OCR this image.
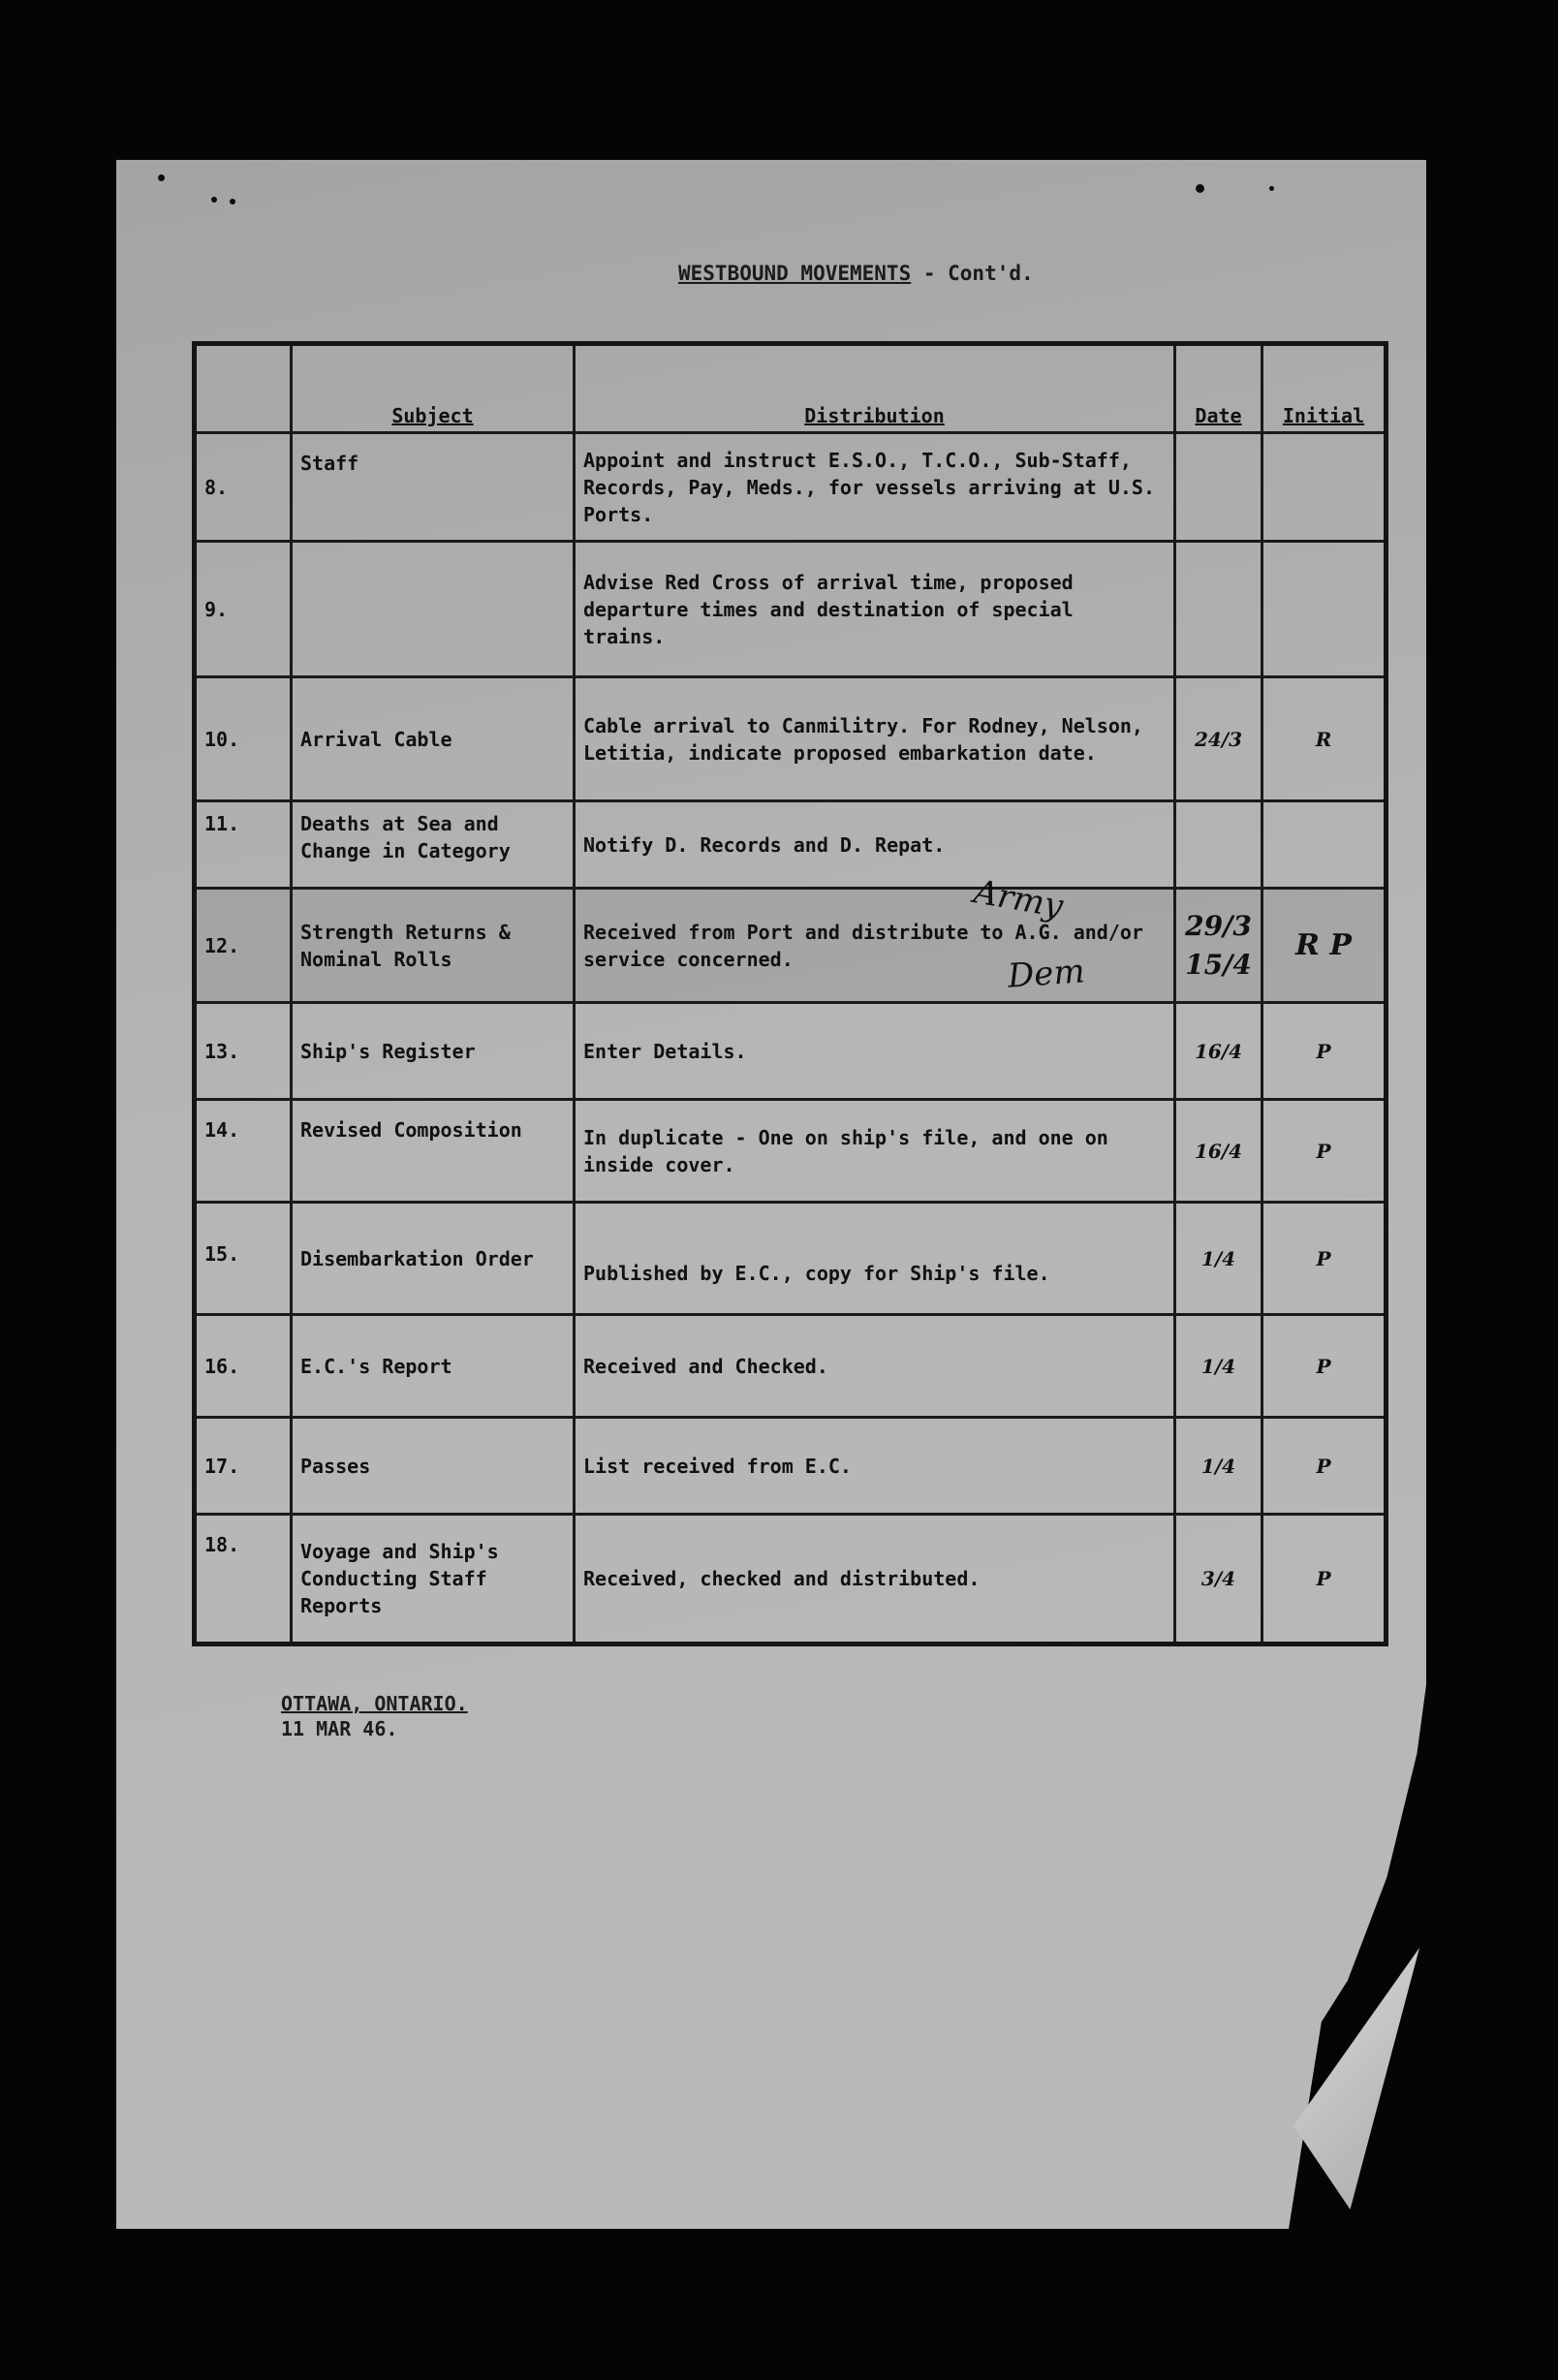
WESTBOUND MOVEMENTS - Cont'd.
	Subject	Distribution	Date	Initial
8.	Staff	Appoint and instruct E.S.O., T.C.O., Sub-Staff, Records, Pay, Meds., for vessels arriving at U.S. Ports.		
9.		Advise Red Cross of arrival time, proposed departure times and destination of special trains.		
10.	Arrival Cable	Cable arrival to Canmilitry. For Rodney, Nelson, Letitia, indicate proposed embarkation date.	24/3	R
11.	Deaths at Sea and Change in Category	Notify D. Records and D. Repat.		
12.	Strength Returns & Nominal Rolls	Received from Port and distribute to A.G. and/or service concerned.	29/3 15/4	R P
13.	Ship's Register	Enter Details.	16/4	P
14.	Revised Composition	In duplicate - One on ship's file, and one on inside cover.	16/4	P
15.	Disembarkation Order	Published by E.C., copy for Ship's file.	1/4	P
16.	E.C.'s Report	Received and Checked.	1/4	P
17.	Passes	List received from E.C.	1/4	P
18.	Voyage and Ship's Conducting Staff Reports	Received, checked and distributed.	3/4	P
Army
Dem
OTTAWA, ONTARIO.
11 MAR 46.
